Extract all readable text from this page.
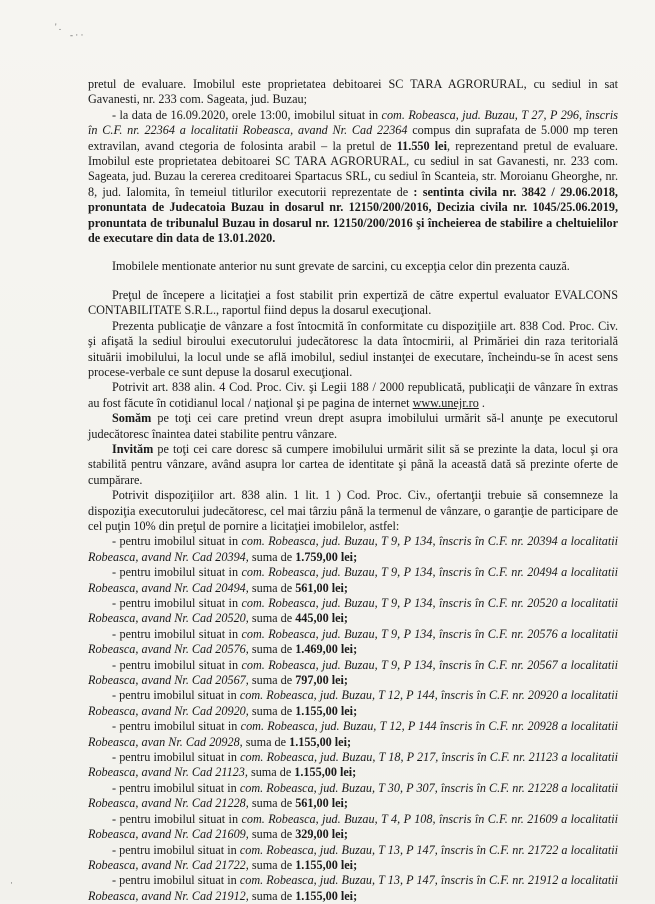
' .
- · ·
·

pretul de evaluare. Imobilul este proprietatea debitoarei SC TARA AGRORURAL, cu sediul in sat Gavanesti, nr. 233 com. Sageata, jud. Buzau;

- la data de 16.09.2020, orele 13:00, imobilul situat in com. Robeasca, jud. Buzau, T 27, P 296, înscris în C.F. nr. 22364 a localitatii Robeasca, avand Nr. Cad 22364 compus din suprafata de 5.000 mp teren extravilan, avand ctegoria de folosinta arabil – la pretul de 11.550 lei, reprezentand pretul de evaluare. Imobilul este proprietatea debitoarei SC TARA AGRORURAL, cu sediul in sat Gavanesti, nr. 233 com. Sageata, jud. Buzau la cererea creditoarei Spartacus SRL, cu sediul în Scanteia, str. Moroianu Gheorghe, nr. 8, jud. Ialomita, în temeiul titlurilor executorii reprezentate de : sentinta civila nr. 3842 / 29.06.2018, pronuntata de Judecatoia Buzau in dosarul nr. 12150/200/2016, Decizia civila nr. 1045/25.06.2019, pronuntata de tribunalul Buzau in dosarul nr. 12150/200/2016 şi încheierea de stabilire a cheltuielilor de executare din data de 13.01.2020.

Imobilele mentionate anterior nu sunt grevate de sarcini, cu excepţia celor din prezenta cauză.

Preţul de începere a licitaţiei a fost stabilit prin expertiză de către expertul evaluator EVALCONS CONTABILITATE S.R.L., raportul fiind depus la dosarul execuţional.

Prezenta publicaţie de vânzare a fost întocmită în conformitate cu dispoziţiile art. 838 Cod. Proc. Civ. şi afişată la sediul biroului executorului judecătoresc la data întocmirii, al Primăriei din raza teritorială situării imobilului, la locul unde se află imobilul, sediul instanţei de executare, încheindu-se în acest sens procese-verbale ce sunt depuse la dosarul execuţional.

Potrivit art. 838 alin. 4 Cod. Proc. Civ. şi Legii 188 / 2000 republicată, publicaţii de vânzare în extras au fost făcute în cotidianul local / naţional şi pe pagina de internet www.unejr.ro .

Somăm pe toţi cei care pretind vreun drept asupra imobilului urmărit să-l anunţe pe executorul judecătoresc înaintea datei stabilite pentru vânzare.

Invităm pe toţi cei care doresc să cumpere imobilului urmărit silit să se prezinte la data, locul şi ora stabilită pentru vânzare, având asupra lor cartea de identitate şi până la această dată să prezinte oferte de cumpărare.

Potrivit dispoziţiilor art. 838 alin. 1 lit. 1 ) Cod. Proc. Civ., ofertanţii trebuie să consemneze la dispoziţia executorului judecătoresc, cel mai târziu până la termenul de vânzare, o garanţie de participare de cel puţin 10% din preţul de pornire a licitaţiei imobilelor, astfel:

- pentru imobilul situat in com. Robeasca, jud. Buzau, T 9, P 134, înscris în C.F. nr. 20394 a localitatii Robeasca, avand Nr. Cad 20394, suma de 1.759,00 lei;

- pentru imobilul situat in com. Robeasca, jud. Buzau, T 9, P 134, înscris în C.F. nr. 20494 a localitatii Robeasca, avand Nr. Cad 20494, suma de 561,00 lei;

- pentru imobilul situat in com. Robeasca, jud. Buzau, T 9, P 134, înscris în C.F. nr. 20520 a localitatii Robeasca, avand Nr. Cad 20520, suma de 445,00 lei;

- pentru imobilul situat in com. Robeasca, jud. Buzau, T 9, P 134, înscris în C.F. nr. 20576 a localitatii Robeasca, avand Nr. Cad 20576, suma de 1.469,00 lei;

- pentru imobilul situat in com. Robeasca, jud. Buzau, T 9, P 134, înscris în C.F. nr. 20567 a localitatii Robeasca, avand Nr. Cad 20567, suma de 797,00 lei;

- pentru imobilul situat in com. Robeasca, jud. Buzau, T 12, P 144, înscris în C.F. nr. 20920 a localitatii Robeasca, avand Nr. Cad 20920, suma de 1.155,00 lei;

- pentru imobilul situat in com. Robeasca, jud. Buzau, T 12, P 144 înscris în C.F. nr. 20928 a localitatii Robeasca, avan Nr. Cad 20928, suma de 1.155,00 lei;

- pentru imobilul situat in com. Robeasca, jud. Buzau, T 18, P 217, înscris în C.F. nr. 21123 a localitatii Robeasca, avand Nr. Cad 21123, suma de 1.155,00 lei;

- pentru imobilul situat in com. Robeasca, jud. Buzau, T 30, P 307, înscris în C.F. nr. 21228 a localitatii Robeasca, avand Nr. Cad 21228, suma de 561,00 lei;

- pentru imobilul situat in com. Robeasca, jud. Buzau, T 4, P 108, înscris în C.F. nr. 21609 a localitatii Robeasca, avand Nr. Cad 21609, suma de 329,00 lei;

- pentru imobilul situat in com. Robeasca, jud. Buzau, T 13, P 147, înscris în C.F. nr. 21722 a localitatii Robeasca, avand Nr. Cad 21722, suma de 1.155,00 lei;

- pentru imobilul situat in com. Robeasca, jud. Buzau, T 13, P 147, înscris în C.F. nr. 21912 a localitatii Robeasca, avand Nr. Cad 21912, suma de 1.155,00 lei;
